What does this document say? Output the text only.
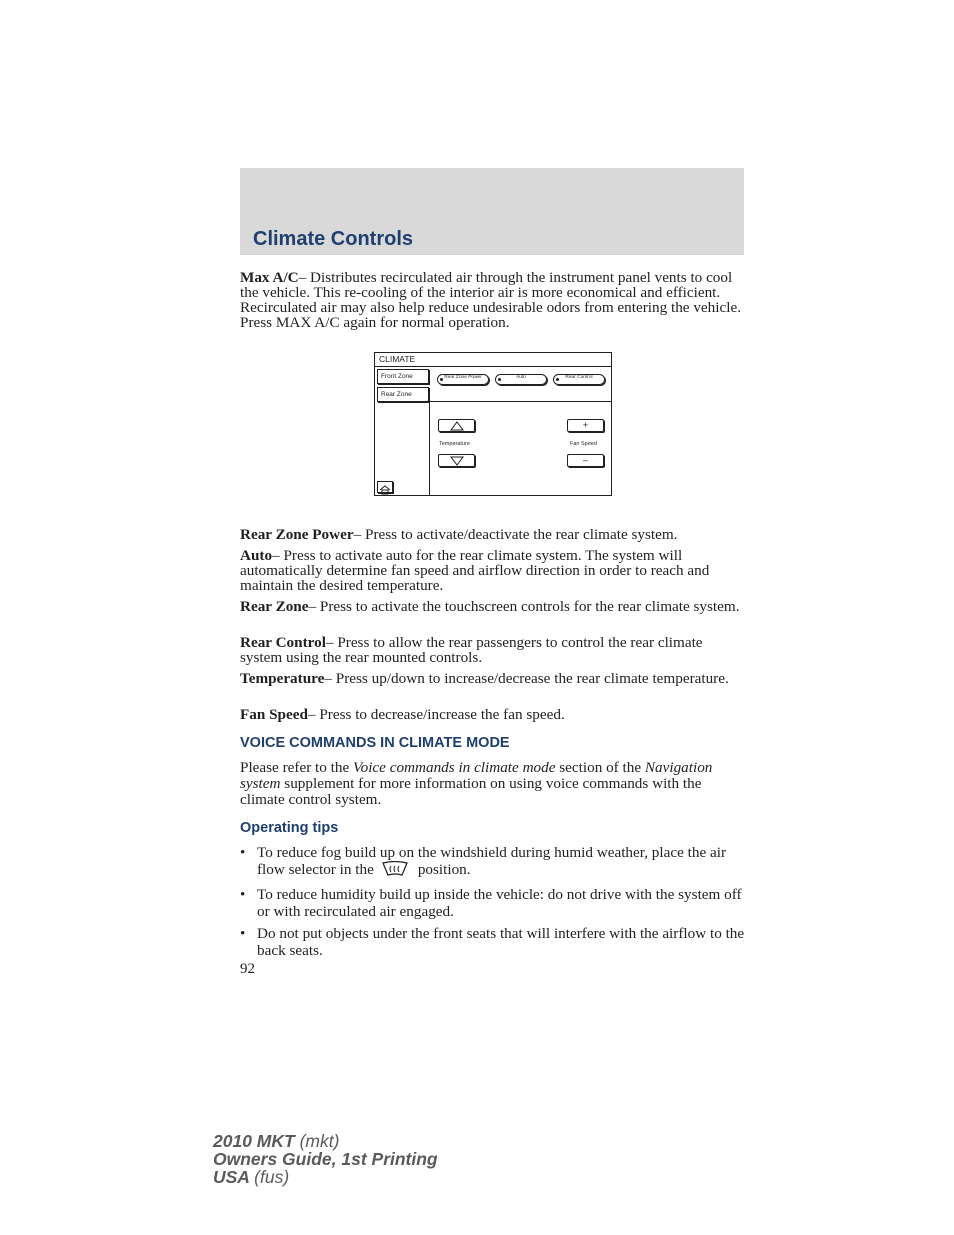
Climate Controls
Max A/C– Distributes recirculated air through the instrument panel vents to cool the vehicle. This re-cooling of the interior air is more economical and efficient. Recirculated air may also help reduce undesirable odors from entering the vehicle. Press MAX A/C again for normal operation.
CLIMATE
Front Zone
Rear Zone
Rear Zone Power	Auto	Rear Control
Temperature
+
Fan Speed
–
Rear Zone Power– Press to activate/deactivate the rear climate system.
Auto– Press to activate auto for the rear climate system. The system will automatically determine fan speed and airflow direction in order to reach and maintain the desired temperature.
Rear Zone– Press to activate the touchscreen controls for the rear climate system.
Rear Control– Press to allow the rear passengers to control the rear climate system using the rear mounted controls.
Temperature– Press up/down to increase/decrease the rear climate temperature.
Fan Speed– Press to decrease/increase the fan speed.
VOICE COMMANDS IN CLIMATE MODE
Please refer to the Voice commands in climate mode section of the Navigation system supplement for more information on using voice commands with the climate control system.
Operating tips
• To reduce fog build up on the windshield during humid weather, place the air flow selector in the	position.
• To reduce humidity build up inside the vehicle: do not drive with the system off or with recirculated air engaged.
• Do not put objects under the front seats that will interfere with the airflow to the back seats.
92
2010 MKT (mkt)
Owners Guide, 1st Printing
USA (fus)
